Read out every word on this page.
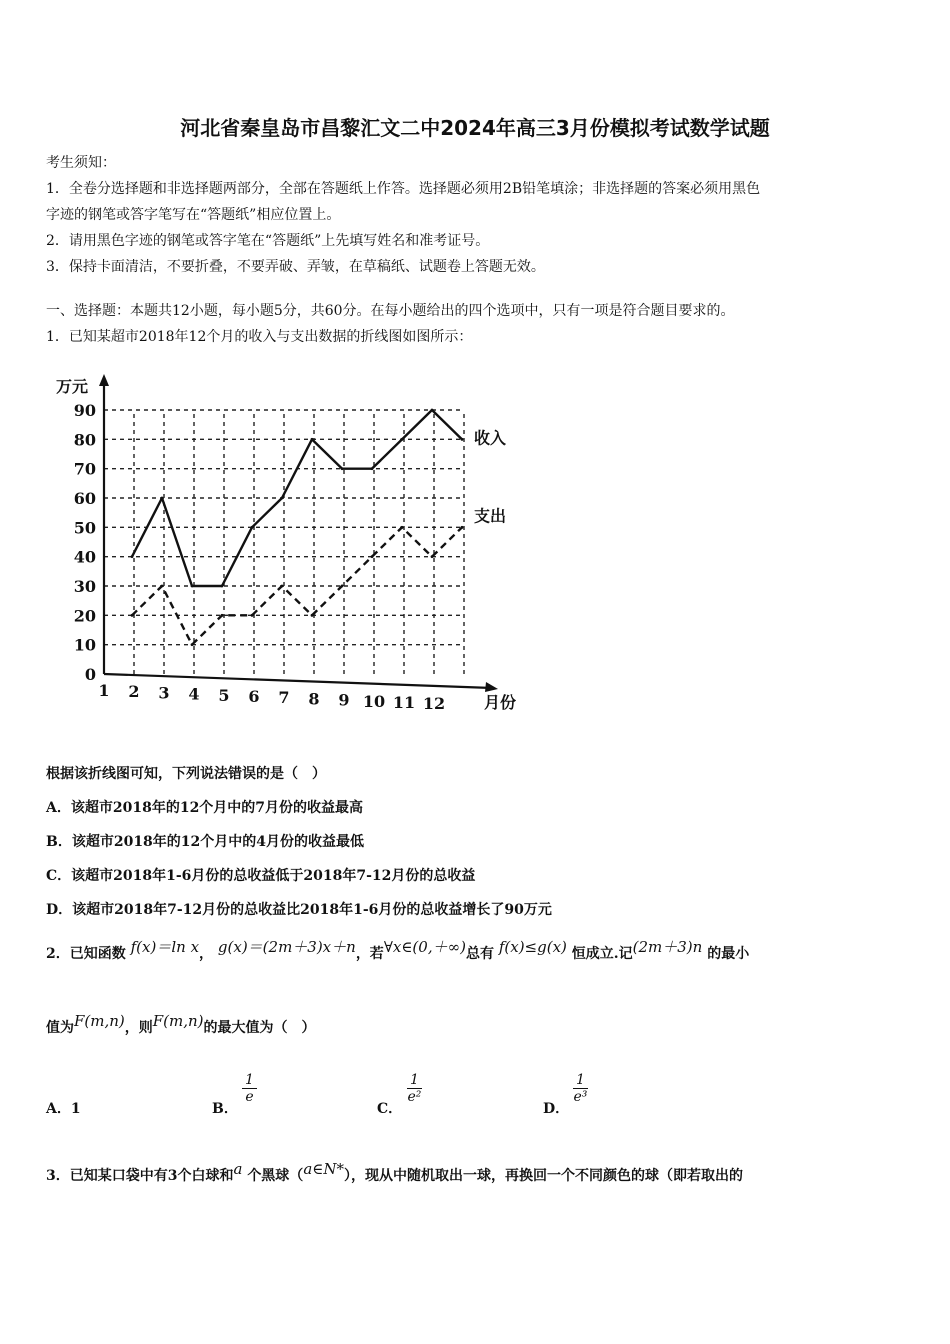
河北省秦皇岛市昌黎汇文二中2024年高三3月份模拟考试数学试题

考生须知：

1．全卷分选择题和非选择题两部分，全部在答题纸上作答。选择题必须用2B铅笔填涂；非选择题的答案必须用黑色

字迹的钢笔或答字笔写在“答题纸”相应位置上。

2．请用黑色字迹的钢笔或答字笔在“答题纸”上先填写姓名和准考证号。

3．保持卡面清洁，不要折叠，不要弄破、弄皱，在草稿纸、试题卷上答题无效。

一、选择题：本题共12小题，每小题5分，共60分。在每小题给出的四个选项中，只有一项是符合题目要求的。

1．已知某超市2018年12个月的收入与支出数据的折线图如图所示：

万元
月份
0
10
20
30
40
50
60
70
80
90
1 2 3 4 5 6 7 8 9 10 11 12
收入
支出

根据该折线图可知，下列说法错误的是（　）

A．该超市2018年的12个月中的7月份的收益最高

B．该超市2018年的12个月中的4月份的收益最低

C．该超市2018年1-6月份的总收益低于2018年7-12月份的总收益

D．该超市2018年7-12月份的总收益比2018年1-6月份的总收益增长了90万元

2．已知函数 f(x)＝ln x， g(x)＝(2m＋3)x＋n，若∀x∈(0,＋∞)总有 f(x)≤g(x) 恒成立.记(2m＋3)n 的最小
值为F(m,n)，则F(m,n)的最大值为（　）
A．1	B．
$\frac{1}{e}$
C．
$\frac{1}{\text{e²}}$
D．
$\frac{1}{\text{e³}}$
3．已知某口袋中有3个白球和a 个黑球（a∈N*），现从中随机取出一球，再换回一个不同颜色的球（即若取出的
